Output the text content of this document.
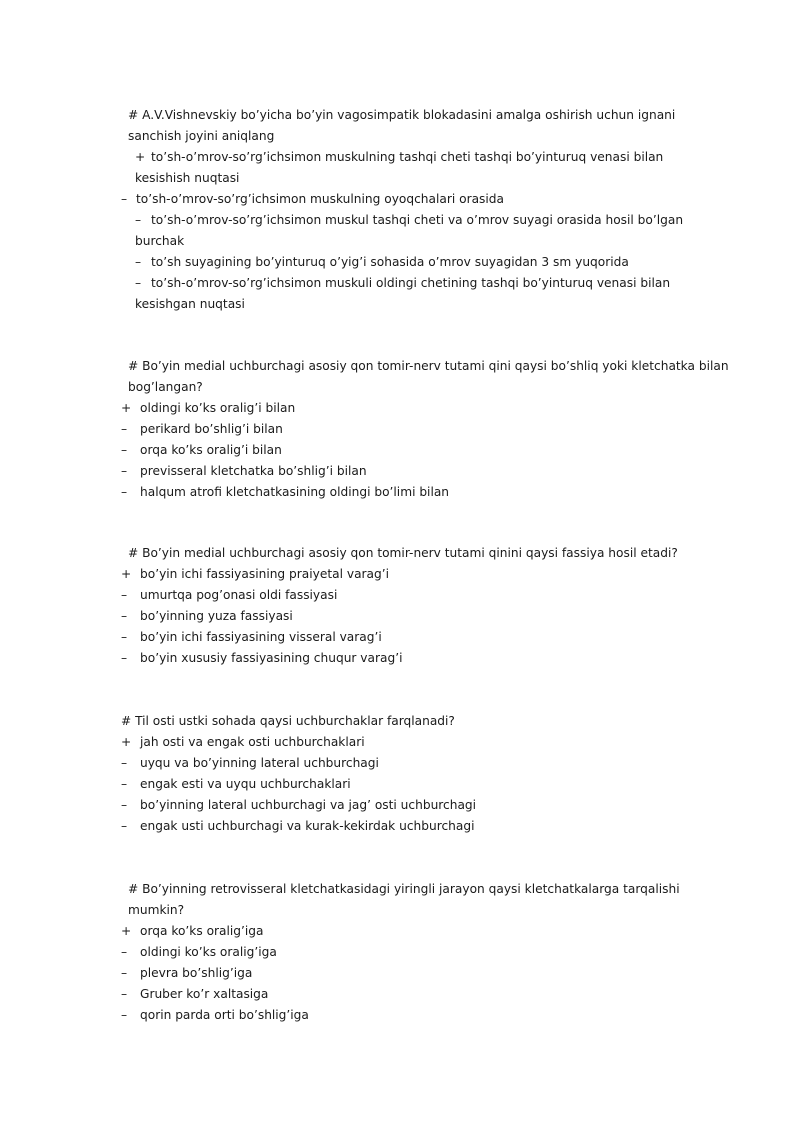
# A.V.Vishnevskiy bo’yicha bo’yin vagosimpatik blokadasini amalga oshirish uchun ignani

sanchish joyini aniqlang

+ to’sh-o’mrov-so’rg’ichsimon muskulning tashqi cheti tashqi bo’yinturuq venasi bilan

kesishish nuqtasi

– to’sh-o’mrov-so’rg’ichsimon muskulning oyoqchalari orasida
– to’sh-o’mrov-so’rg’ichsimon muskul tashqi cheti va o’mrov suyagi orasida hosil bo’lgan

burchak

– to’sh suyagining bo’yinturuq o’yig’i sohasida o’mrov suyagidan 3 sm yuqorida
– to’sh-o’mrov-so’rg’ichsimon muskuli oldingi chetining tashqi bo’yinturuq venasi bilan

kesishgan nuqtasi

# Bo’yin medial uchburchagi asosiy qon tomir-nerv tutami qini qaysi bo’shliq yoki kletchatka bilan

bog’langan?

+ oldingi ko’ks oralig’i bilan
–	perikard bo’shlig’i bilan
–	orqa ko’ks oralig’i bilan
–	previsseral kletchatka bo’shlig’i bilan
–	halqum atrofi kletchatkasining oldingi bo’limi bilan

# Bo’yin medial uchburchagi asosiy qon tomir-nerv tutami qinini qaysi fassiya hosil etadi?

+ bo’yin ichi fassiyasining praiyetal varag’i
–	umurtqa pog’onasi oldi fassiyasi
–	bo’yinning yuza fassiyasi
–	bo’yin ichi fassiyasining visseral varag’i
–	bo’yin xususiy fassiyasining chuqur varag’i

# Til osti ustki sohada qaysi uchburchaklar farqlanadi?

+ jah osti va engak osti uchburchaklari
–	uyqu va bo’yinning lateral uchburchagi
–	engak esti va uyqu uchburchaklari
–	bo’yinning lateral uchburchagi va jag’ osti uchburchagi
–	engak usti uchburchagi va kurak-kekirdak uchburchagi

# Bo’yinning retrovisseral kletchatkasidagi yiringli jarayon qaysi kletchatkalarga tarqalishi

mumkin?

+ orqa ko’ks oralig’iga
–	oldingi ko’ks oralig’iga
–	plevra bo’shlig’iga
–	Gruber ko’r xaltasiga
–	qorin parda orti bo’shlig’iga
